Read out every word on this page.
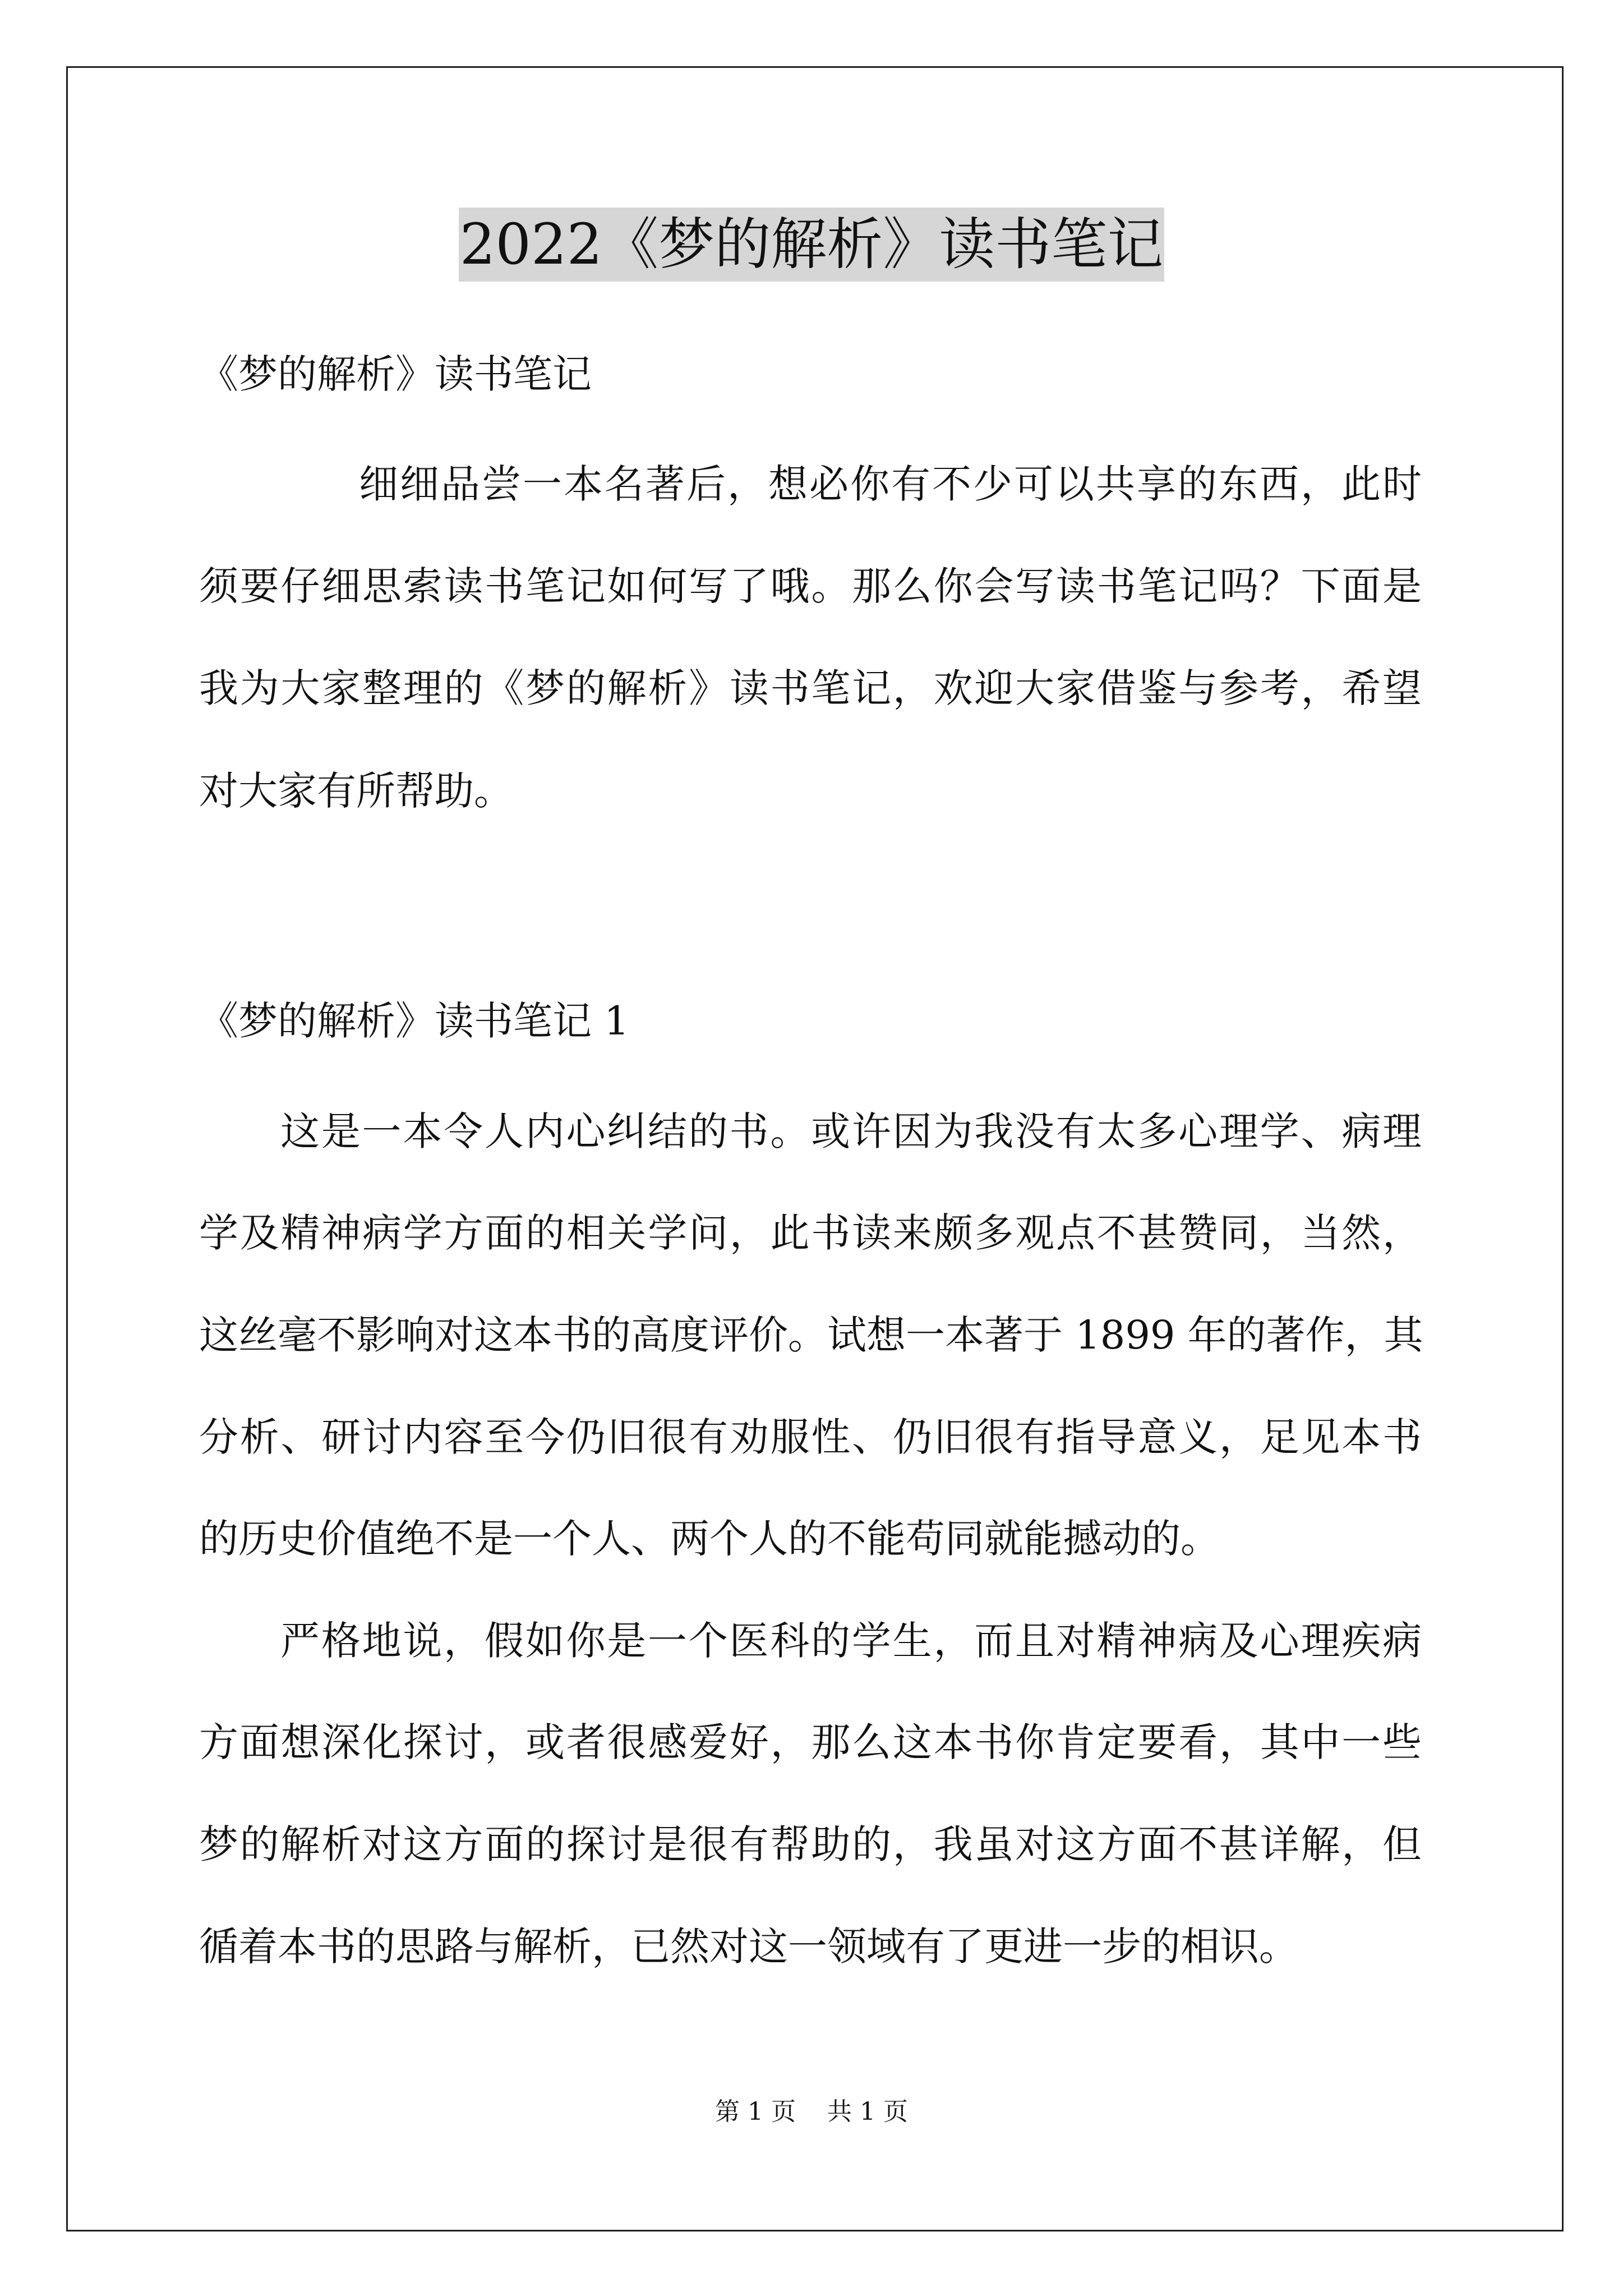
2022《梦的解析》读书笔记
《梦的解析》读书笔记
细细品尝一本名著后，想必你有不少可以共享的东西，此时
须要仔细思索读书笔记如何写了哦。那么你会写读书笔记吗？下面是
我为大家整理的《梦的解析》读书笔记，欢迎大家借鉴与参考，希望
对大家有所帮助。
《梦的解析》读书笔记 1
这是一本令人内心纠结的书。或许因为我没有太多心理学、病理
学及精神病学方面的相关学问，此书读来颇多观点不甚赞同，当然，
这丝毫不影响对这本书的高度评价。试想一本著于 1899 年的著作，其
分析、研讨内容至今仍旧很有劝服性、仍旧很有指导意义，足见本书
的历史价值绝不是一个人、两个人的不能苟同就能撼动的。
严格地说，假如你是一个医科的学生，而且对精神病及心理疾病
方面想深化探讨，或者很感爱好，那么这本书你肯定要看，其中一些
梦的解析对这方面的探讨是很有帮助的，我虽对这方面不甚详解，但
循着本书的思路与解析，已然对这一领域有了更进一步的相识。
第 1 页    共 1 页
